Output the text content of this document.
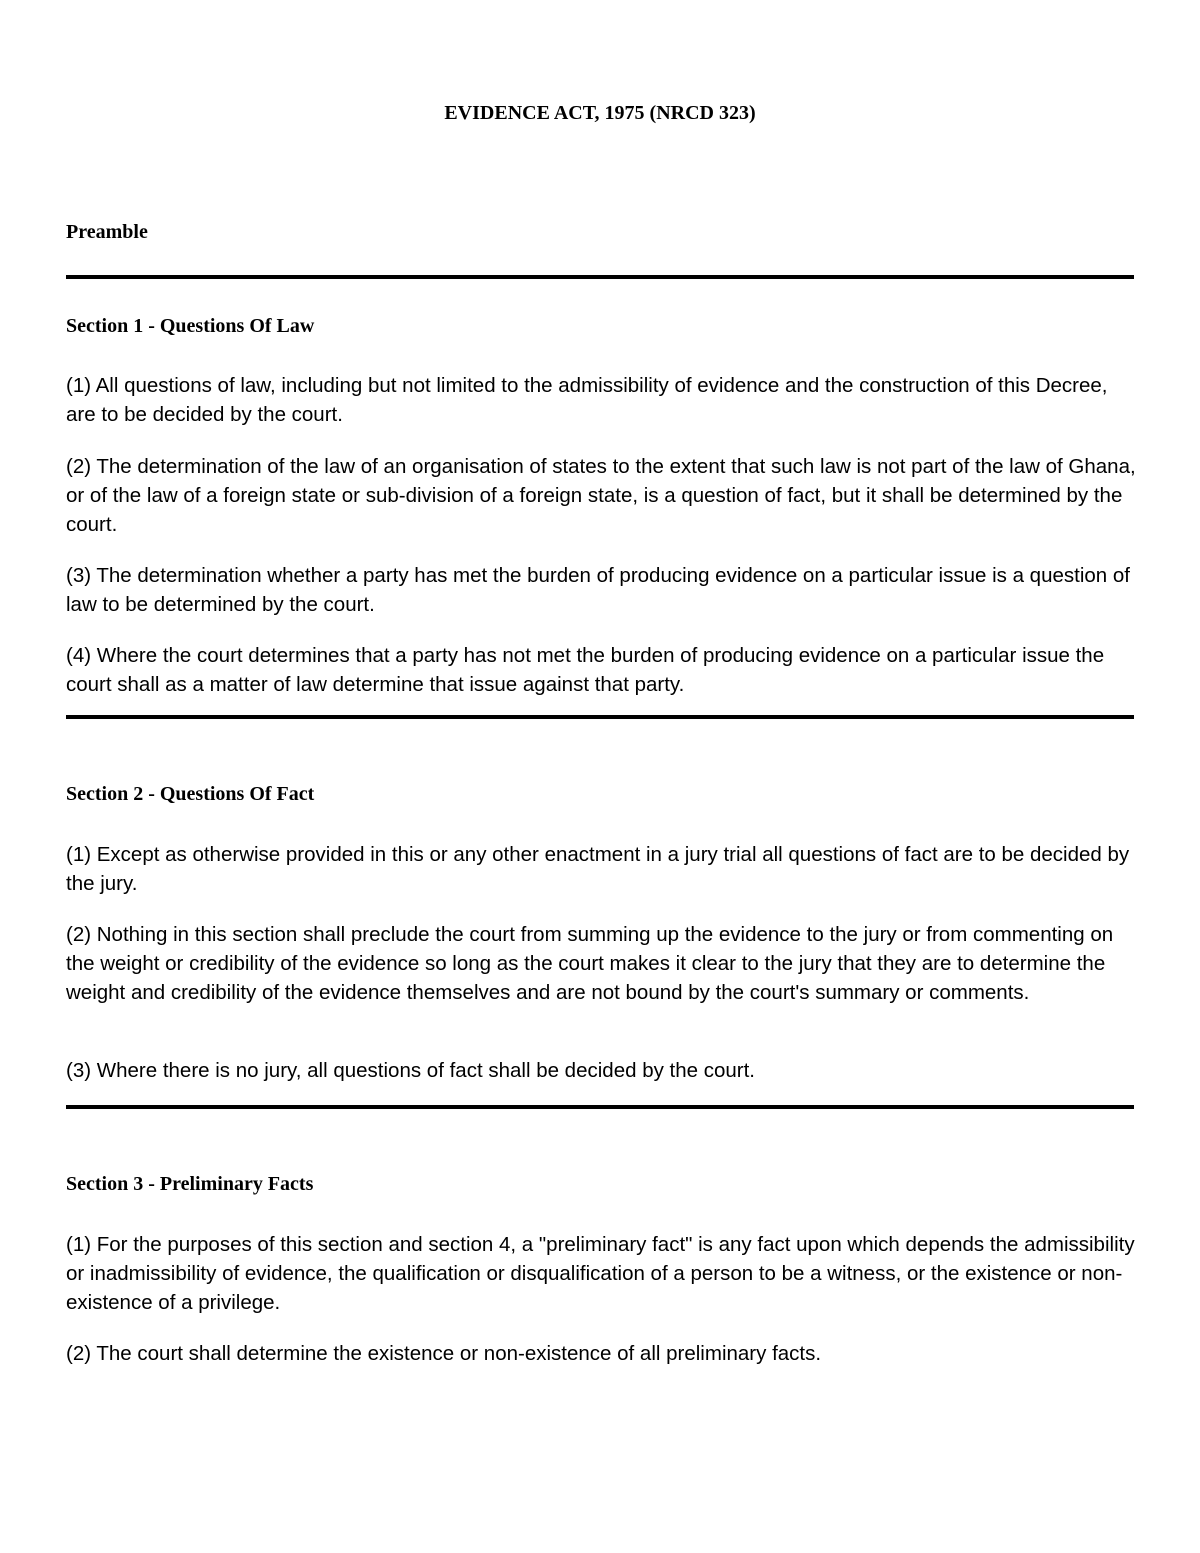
EVIDENCE ACT, 1975 (NRCD 323)
Preamble
Section 1 - Questions Of Law

(1) All questions of law, including but not limited to the admissibility of evidence and the construction of this Decree, are to be decided by the court.

(2) The determination of the law of an organisation of states to the extent that such law is not part of the law of Ghana, or of the law of a foreign state or sub-division of a foreign state, is a question of fact, but it shall be determined by the court.

(3) The determination whether a party has met the burden of producing evidence on a particular issue is a question of law to be determined by the court.

(4) Where the court determines that a party has not met the burden of producing evidence on a particular issue the court shall as a matter of law determine that issue against that party.

Section 2 - Questions Of Fact

(1) Except as otherwise provided in this or any other enactment in a jury trial all questions of fact are to be decided by the jury.

(2) Nothing in this section shall preclude the court from summing up the evidence to the jury or from commenting on the weight or credibility of the evidence so long as the court makes it clear to the jury that they are to determine the weight and credibility of the evidence themselves and are not bound by the court's summary or comments.

(3) Where there is no jury, all questions of fact shall be decided by the court.

Section 3 - Preliminary Facts

(1) For the purposes of this section and section 4, a "preliminary fact" is any fact upon which depends the admissibility or inadmissibility of evidence, the qualification or disqualification of a person to be a witness, or the existence or non-existence of a privilege.

(2) The court shall determine the existence or non-existence of all preliminary facts.
